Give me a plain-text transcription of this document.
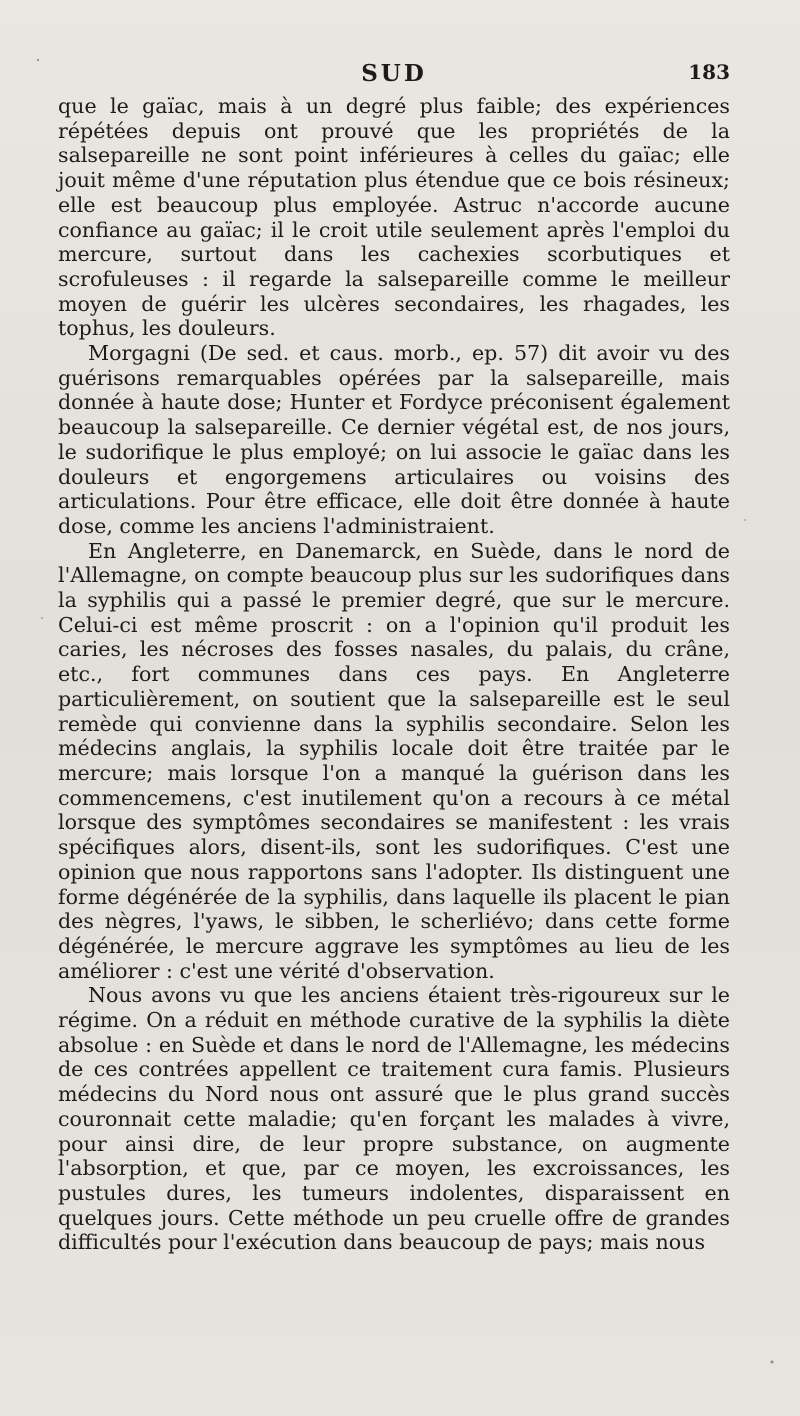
SUD	183

que le gaïac, mais à un degré plus faible; des expériences répétées depuis ont prouvé que les propriétés de la salsepareille ne sont point inférieures à celles du gaïac; elle jouit même d'une réputation plus étendue que ce bois résineux; elle est beaucoup plus employée. Astruc n'accorde aucune confiance au gaïac; il le croit utile seulement après l'emploi du mercure, surtout dans les cachexies scorbutiques et scrofuleuses : il regarde la salsepareille comme le meilleur moyen de guérir les ulcères secondaires, les rhagades, les tophus, les douleurs.

Morgagni (De sed. et caus. morb., ep. 57) dit avoir vu des guérisons remarquables opérées par la salsepareille, mais donnée à haute dose; Hunter et Fordyce préconisent également beaucoup la salsepareille. Ce dernier végétal est, de nos jours, le sudorifique le plus employé; on lui associe le gaïac dans les douleurs et engorgemens articulaires ou voisins des articulations. Pour être efficace, elle doit être donnée à haute dose, comme les anciens l'administraient.

En Angleterre, en Danemarck, en Suède, dans le nord de l'Allemagne, on compte beaucoup plus sur les sudorifiques dans la syphilis qui a passé le premier degré, que sur le mercure. Celui-ci est même proscrit : on a l'opinion qu'il produit les caries, les nécroses des fosses nasales, du palais, du crâne, etc., fort communes dans ces pays. En Angleterre particulièrement, on soutient que la salsepareille est le seul remède qui convienne dans la syphilis secondaire. Selon les médecins anglais, la syphilis locale doit être traitée par le mercure; mais lorsque l'on a manqué la guérison dans les commencemens, c'est inutilement qu'on a recours à ce métal lorsque des symptômes secondaires se manifestent : les vrais spécifiques alors, disent-ils, sont les sudorifiques. C'est une opinion que nous rapportons sans l'adopter. Ils distinguent une forme dégénérée de la syphilis, dans laquelle ils placent le pian des nègres, l'yaws, le sibben, le scherliévo; dans cette forme dégénérée, le mercure aggrave les symptômes au lieu de les améliorer : c'est une vérité d'observation.

Nous avons vu que les anciens étaient très-rigoureux sur le régime. On a réduit en méthode curative de la syphilis la diète absolue : en Suède et dans le nord de l'Allemagne, les médecins de ces contrées appellent ce traitement cura famis. Plusieurs médecins du Nord nous ont assuré que le plus grand succès couronnait cette maladie; qu'en forçant les malades à vivre, pour ainsi dire, de leur propre substance, on augmente l'absorption, et que, par ce moyen, les excroissances, les pustules dures, les tumeurs indolentes, disparaissent en quelques jours. Cette méthode un peu cruelle offre de grandes difficultés pour l'exécution dans beaucoup de pays; mais nous
